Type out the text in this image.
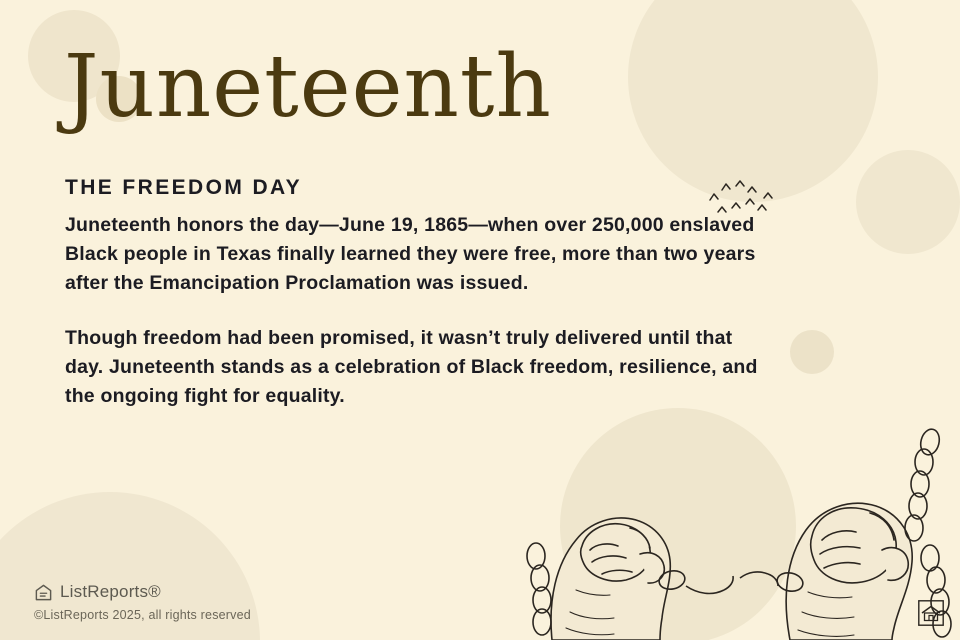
Juneteenth
THE FREEDOM DAY

Juneteenth honors the day—June 19, 1865—when over 250,000 enslaved Black people in Texas finally learned they were free, more than two years after the Emancipation Proclamation was issued.

Though freedom had been promised, it wasn’t truly delivered until that day. Juneteenth stands as a celebration of Black freedom, resilience, and the ongoing fight for equality.

ListReports®
©ListReports 2025, all rights reserved
